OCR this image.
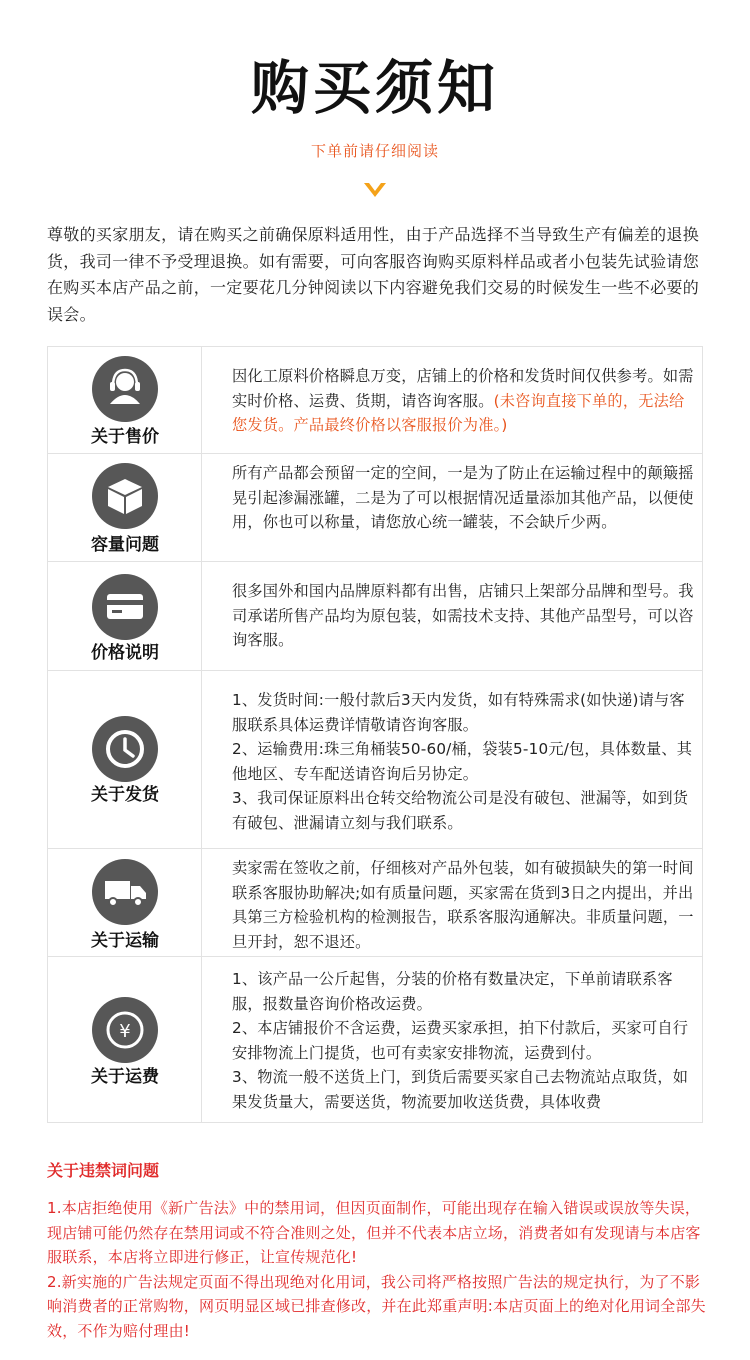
购买须知
下单前请仔细阅读
尊敬的买家朋友，请在购买之前确保原料适用性，由于产品选择不当导致生产有偏差的退换货，我司一律不予受理退换。如有需要，可向客服咨询购买原料样品或者小包装先试验请您在购买本店产品之前，一定要花几分钟阅读以下内容避免我们交易的时候发生一些不必要的误会。
关于售价
因化工原料价格瞬息万变，店铺上的价格和发货时间仅供参考。如需实时价格、运费、货期，请咨询客服。(未咨询直接下单的，无法给您发货。产品最终价格以客服报价为准。)
容量问题
所有产品都会预留一定的空间，一是为了防止在运输过程中的颠簸摇晃引起渗漏涨罐，二是为了可以根据情况适量添加其他产品，以便使用，你也可以称量，请您放心统一罐装，不会缺斤少两。
价格说明
很多国外和国内品牌原料都有出售，店铺只上架部分品牌和型号。我司承诺所售产品均为原包装，如需技术支持、其他产品型号，可以咨询客服。
关于发货
1、发货时间:一般付款后3天内发货，如有特殊需求(如快递)请与客服联系具体运费详情敬请咨询客服。
2、运输费用:珠三角桶装50-60/桶，袋装5-10元/包，具体数量、其他地区、专车配送请咨询后另协定。
3、我司保证原料出仓转交给物流公司是没有破包、泄漏等，如到货有破包、泄漏请立刻与我们联系。
关于运输
卖家需在签收之前，仔细核对产品外包装，如有破损缺失的第一时间联系客服协助解决;如有质量问题，买家需在货到3日之内提出，并出具第三方检验机构的检测报告，联系客服沟通解决。非质量问题，一旦开封，恕不退还。
¥
关于运费
1、该产品一公斤起售，分装的价格有数量决定，下单前请联系客服，报数量咨询价格改运费。
2、本店铺报价不含运费，运费买家承担，拍下付款后，买家可自行安排物流上门提货，也可有卖家安排物流，运费到付。
3、物流一般不送货上门，到货后需要买家自己去物流站点取货，如果发货量大，需要送货，物流要加收送货费，具体收费
关于违禁词问题
1.本店拒绝使用《新广告法》中的禁用词，但因页面制作，可能出现存在输入错误或误放等失误，现店铺可能仍然存在禁用词或不符合准则之处，但并不代表本店立场，消费者如有发现请与本店客服联系，本店将立即进行修正，让宣传规范化!
2.新实施的广告法规定页面不得出现绝对化用词，我公司将严格按照广告法的规定执行，为了不影响消费者的正常购物，网页明显区域已排查修改，并在此郑重声明:本店页面上的绝对化用词全部失效，不作为赔付理由!
